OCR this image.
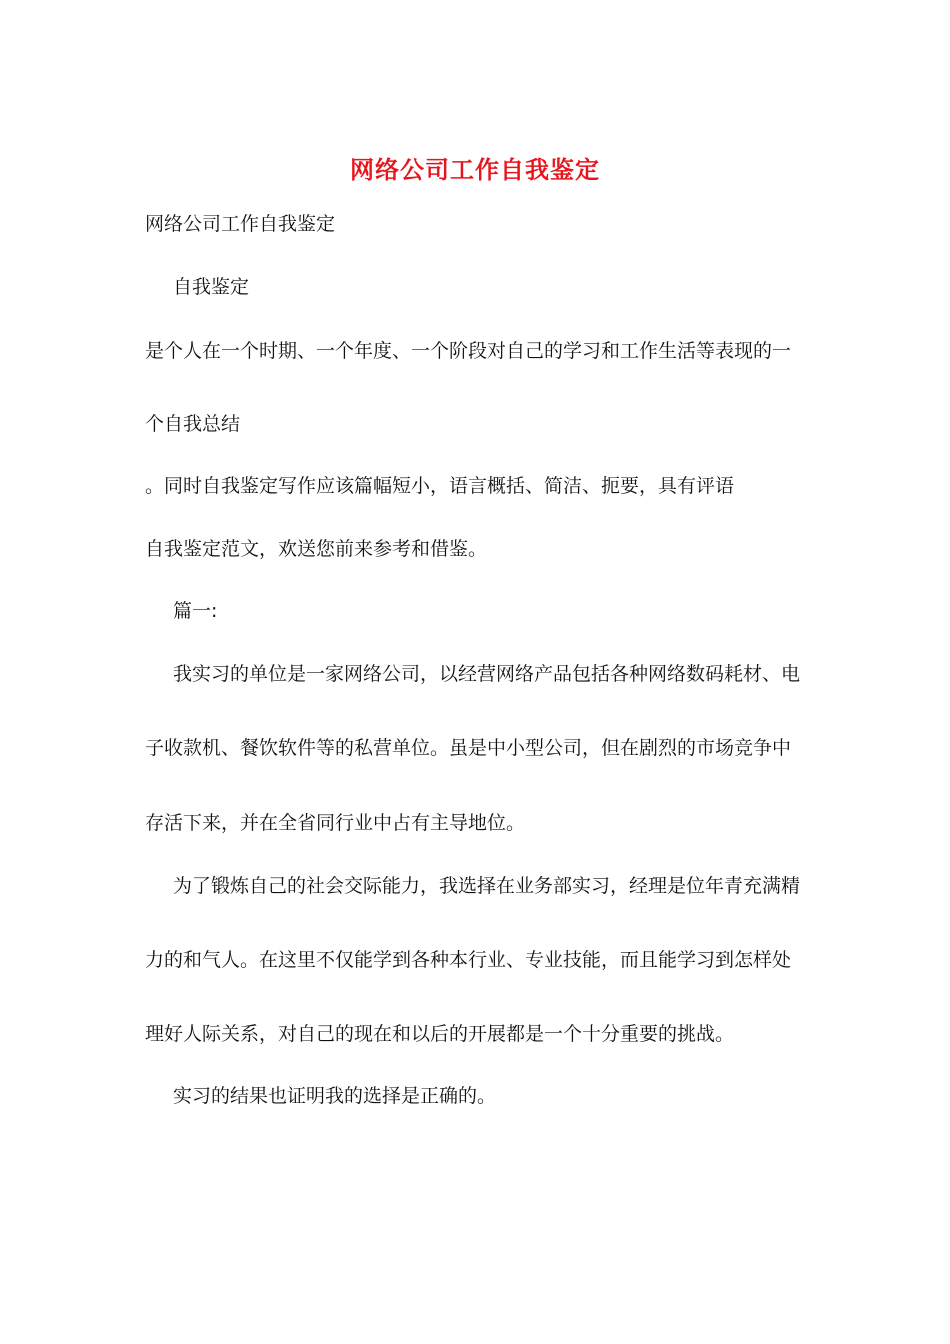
网络公司工作自我鉴定
网络公司工作自我鉴定
自我鉴定
是个人在一个时期、一个年度、一个阶段对自己的学习和工作生活等表现的一
个自我总结
。同时自我鉴定写作应该篇幅短小，语言概括、简洁、扼要，具有评语
自我鉴定范文，欢送您前来参考和借鉴。
篇一:
我实习的单位是一家网络公司，以经营网络产品包括各种网络数码耗材、电
子收款机、餐饮软件等的私营单位。虽是中小型公司，但在剧烈的市场竞争中
存活下来，并在全省同行业中占有主导地位。
为了锻炼自己的社会交际能力，我选择在业务部实习，经理是位年青充满精
力的和气人。在这里不仅能学到各种本行业、专业技能，而且能学习到怎样处
理好人际关系，对自己的现在和以后的开展都是一个十分重要的挑战。
实习的结果也证明我的选择是正确的。
